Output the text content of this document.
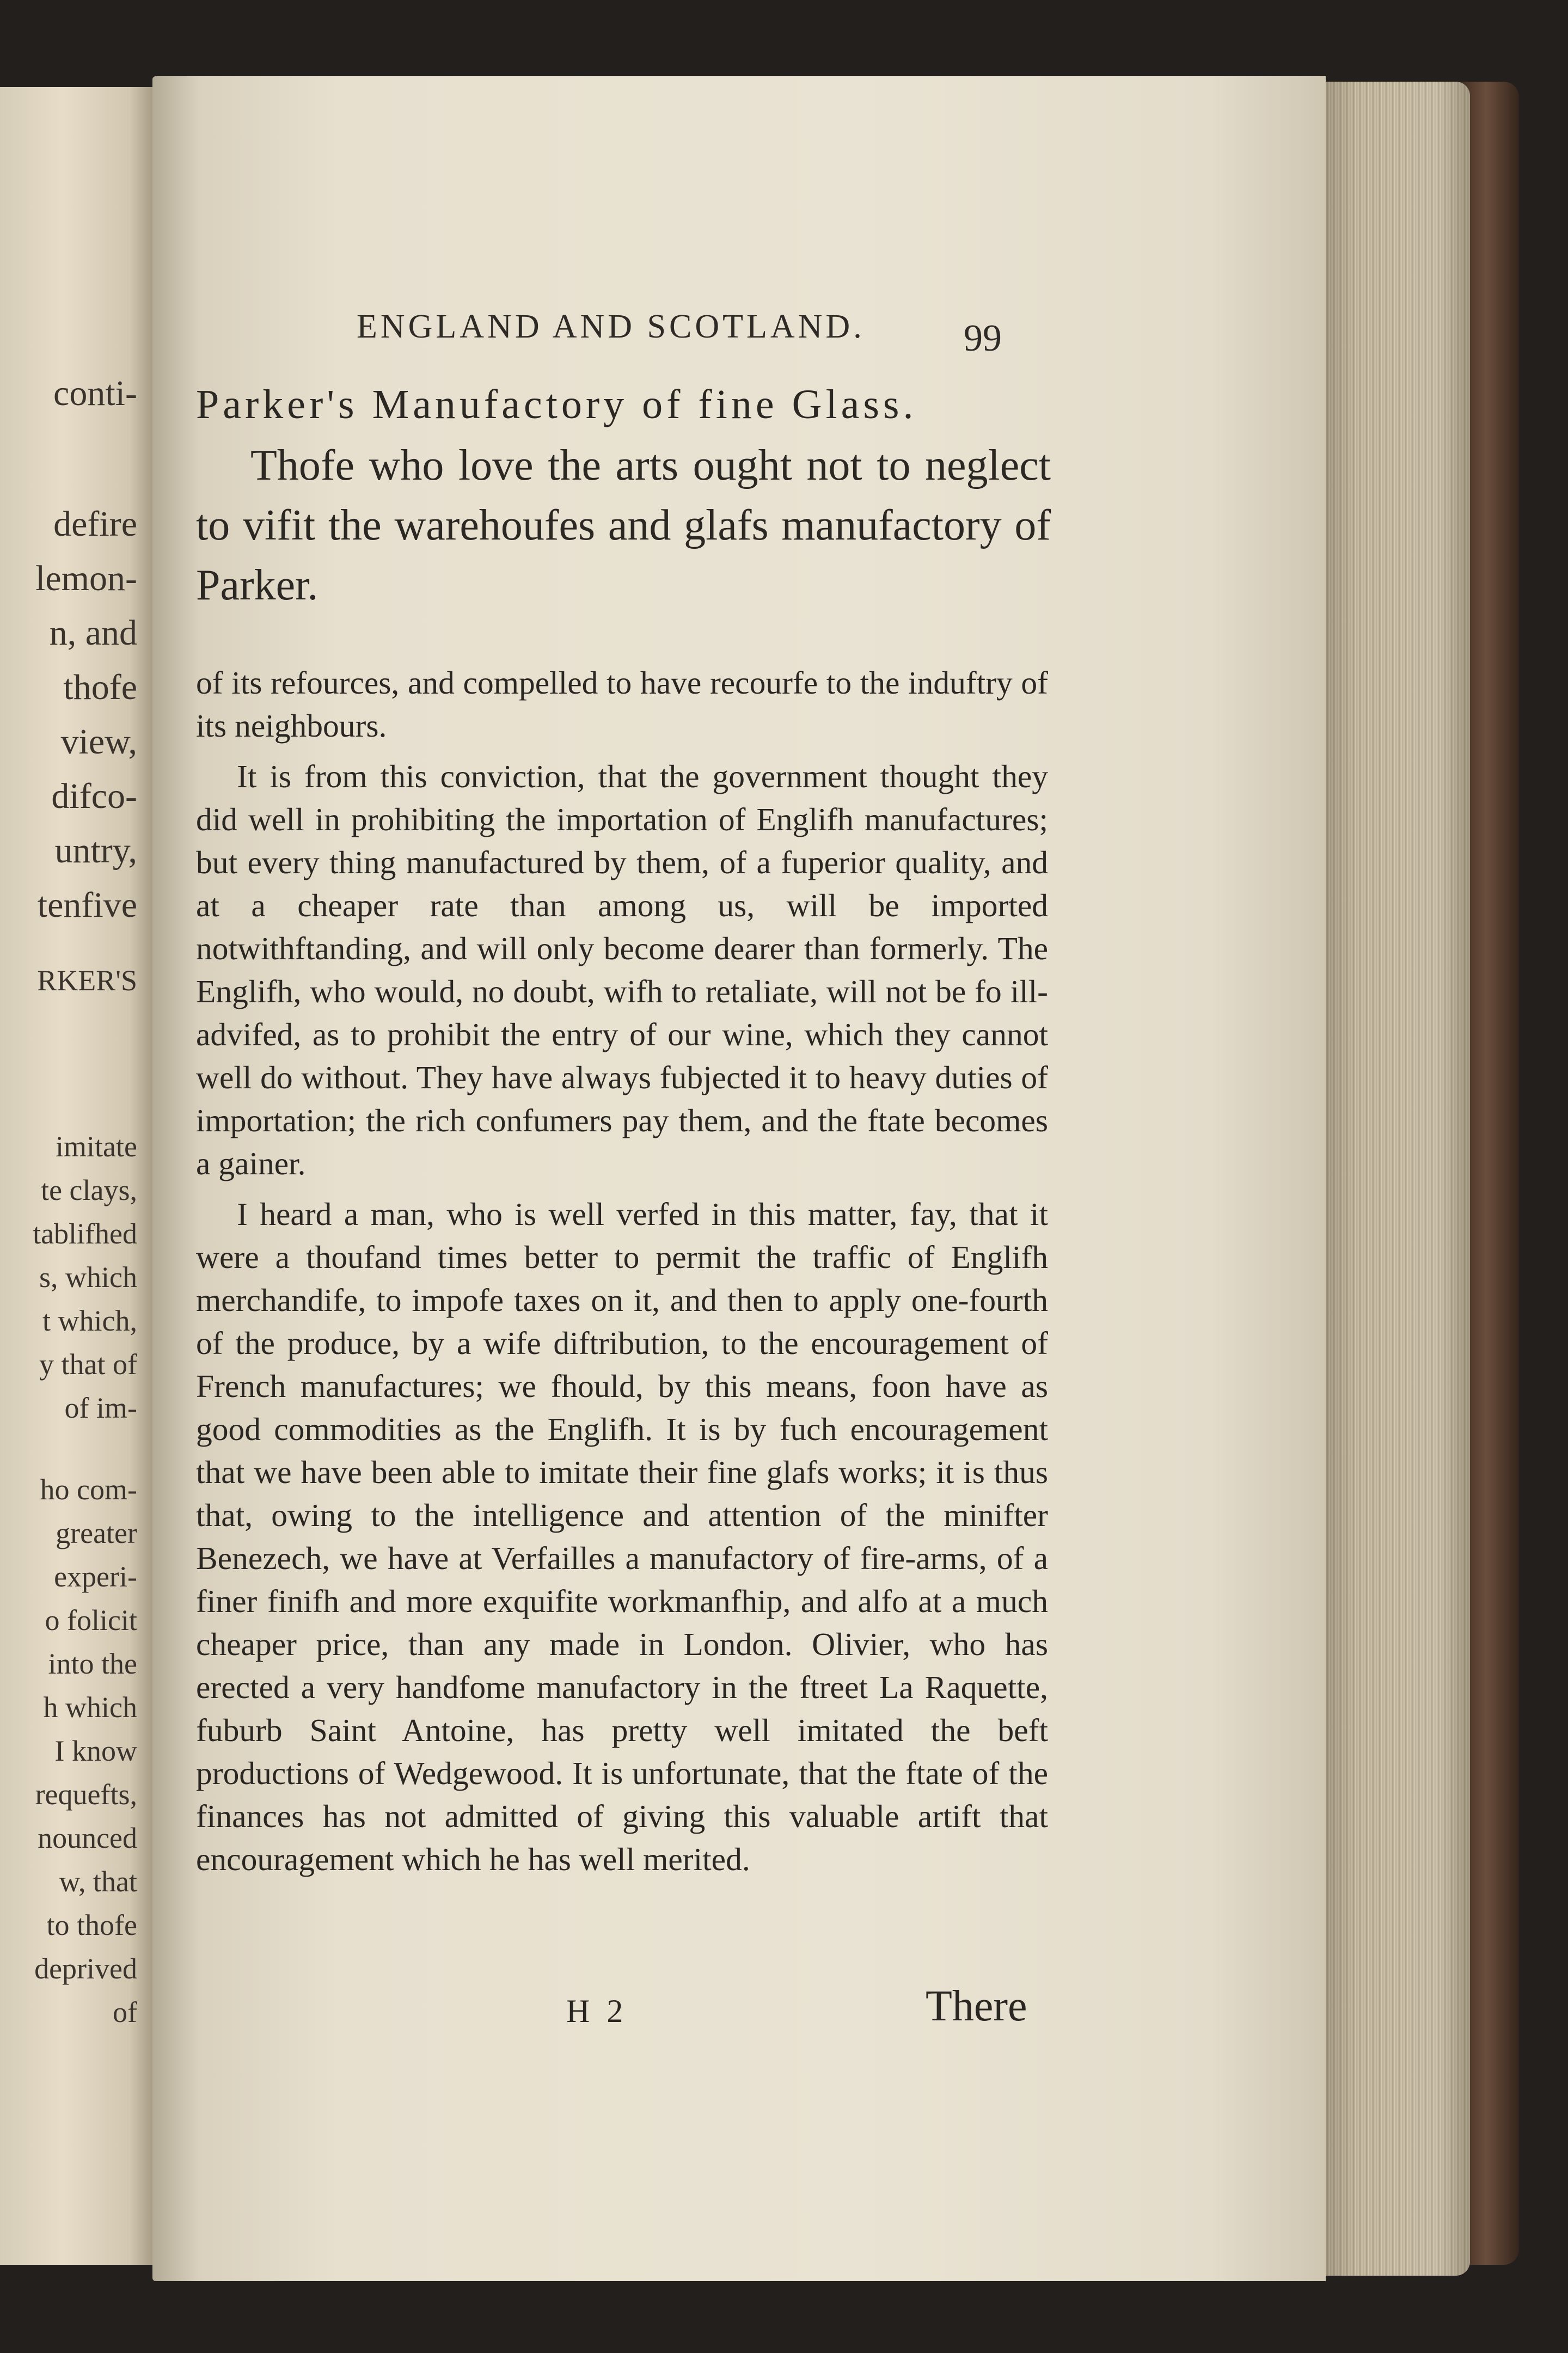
conti-
defire
lemon-
n, and
thofe
view,
difco-
untry,
tenfive
RKER'S
imitate
te clays,
tablifhed
s, which
t which,
y that of
of im-
ho com-
greater
experi-
o folicit
into the
h which
I know
requefts,
nounced
w, that
to thofe
deprived
of
ENGLAND AND SCOTLAND.	99
Parker's Manufactory of fine Glass.
Thofe who love the arts ought not to neglect to vifit the warehoufes and glafs manufactory of Parker.

of its refources, and compelled to have recourfe to the induftry of its neighbours.

It is from this conviction, that the government thought they did well in prohibiting the importation of Englifh manufactures; but every thing manufactured by them, of a fuperior quality, and at a cheaper rate than among us, will be imported notwithftanding, and will only become dearer than formerly. The Englifh, who would, no doubt, wifh to retaliate, will not be fo ill-advifed, as to prohibit the entry of our wine, which they cannot well do without. They have always fubjected it to heavy duties of importation; the rich confumers pay them, and the ftate becomes a gainer.

I heard a man, who is well verfed in this matter, fay, that it were a thoufand times better to permit the traffic of Englifh merchandife, to impofe taxes on it, and then to apply one-fourth of the produce, by a wife diftribution, to the encouragement of French manufactures; we fhould, by this means, foon have as good commodities as the Englifh. It is by fuch encouragement that we have been able to imitate their fine glafs works; it is thus that, owing to the intelligence and attention of the minifter Benezech, we have at Verfailles a manufactory of fire-arms, of a finer finifh and more exquifite workmanfhip, and alfo at a much cheaper price, than any made in London. Olivier, who has erected a very handfome manufactory in the ftreet La Raquette, fuburb Saint Antoine, has pretty well imitated the beft productions of Wedgewood. It is unfortunate, that the ftate of the finances has not admitted of giving this valuable artift that encouragement which he has well merited.

H 2	There
